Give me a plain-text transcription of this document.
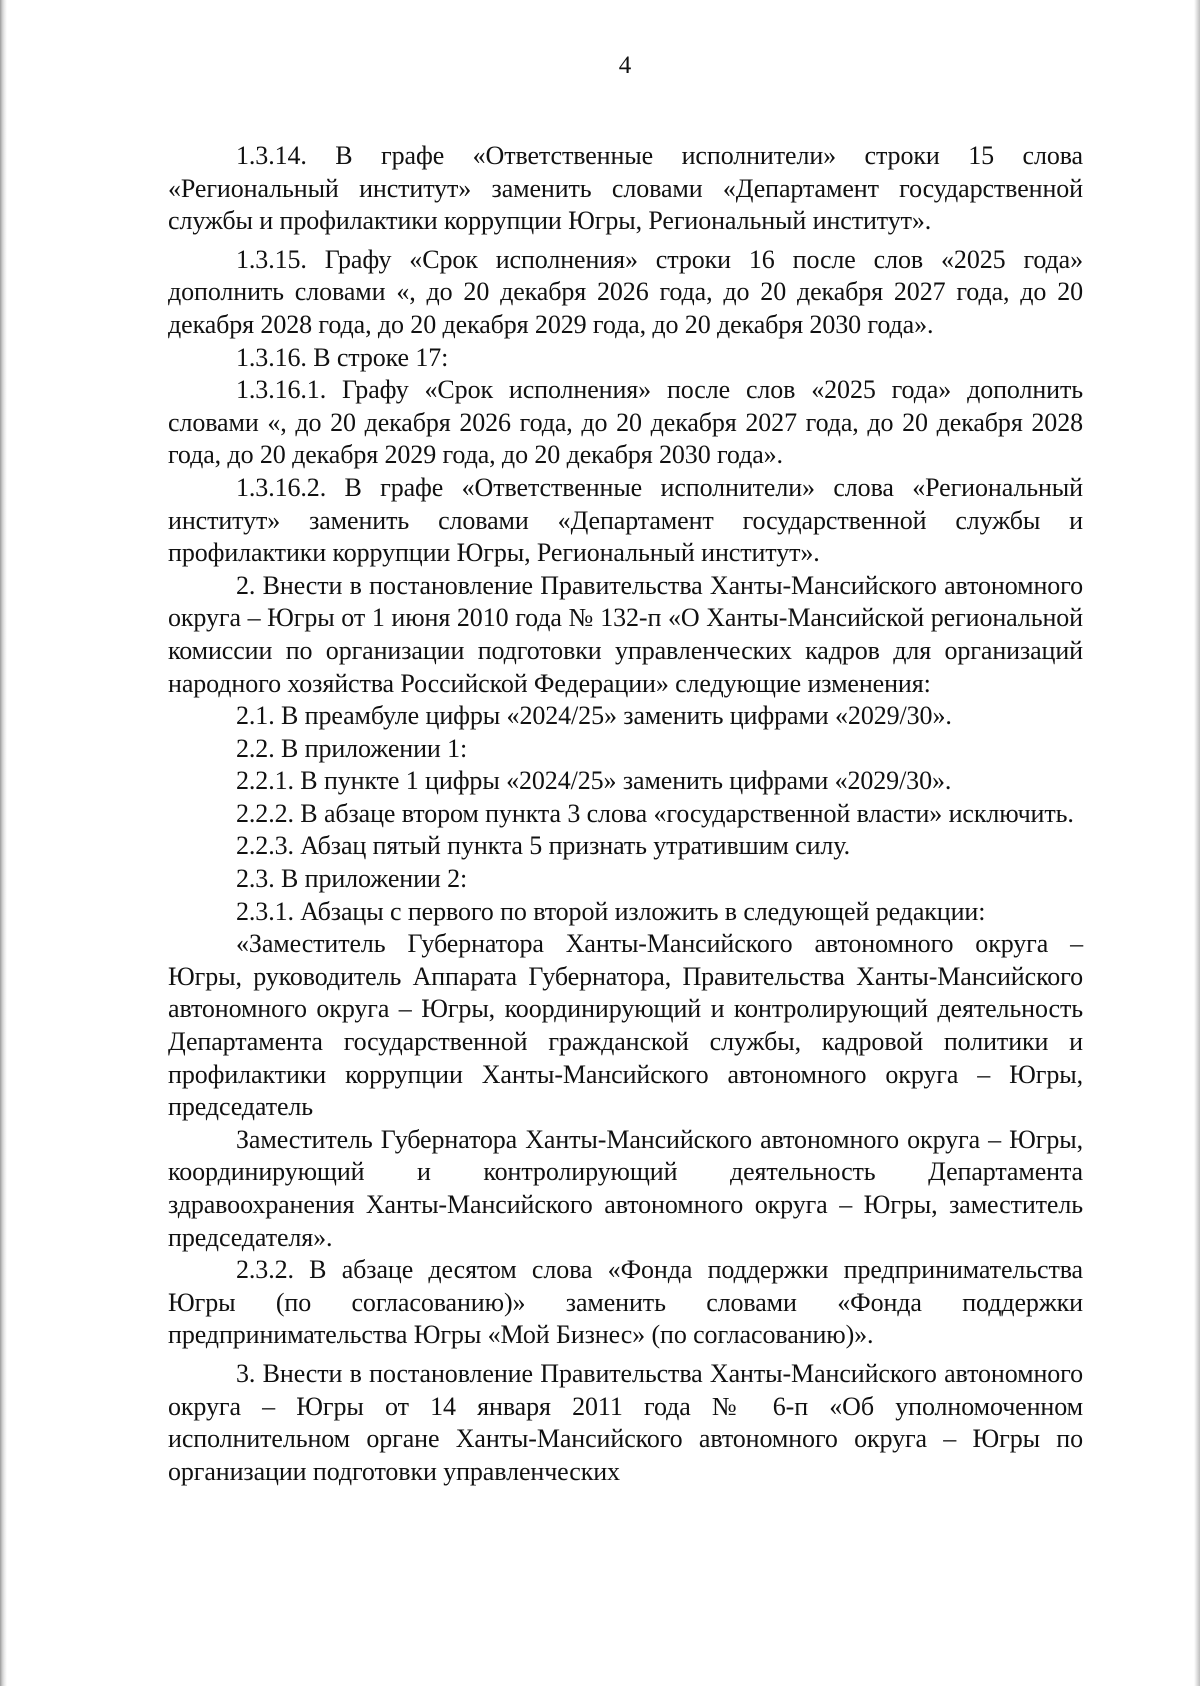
4

1.3.14. В графе «Ответственные исполнители» строки 15 слова «Региональный институт» заменить словами «Департамент государственной службы и профилактики коррупции Югры, Региональный институт».

1.3.15. Графу «Срок исполнения» строки 16 после слов «2025 года» дополнить словами «, до 20 декабря 2026 года, до 20 декабря 2027 года, до 20 декабря 2028 года, до 20 декабря 2029 года, до 20 декабря 2030 года».

1.3.16. В строке 17:

1.3.16.1. Графу «Срок исполнения» после слов «2025 года» дополнить словами «, до 20 декабря 2026 года, до 20 декабря 2027 года, до 20 декабря 2028 года, до 20 декабря 2029 года, до 20 декабря 2030 года».

1.3.16.2. В графе «Ответственные исполнители» слова «Региональный институт» заменить словами «Департамент государственной службы и профилактики коррупции Югры, Региональный институт».

2. Внести в постановление Правительства Ханты-Мансийского автономного округа – Югры от 1 июня 2010 года № 132-п «О Ханты-Мансийской региональной комиссии по организации подготовки управленческих кадров для организаций народного хозяйства Российской Федерации» следующие изменения:

2.1. В преамбуле цифры «2024/25» заменить цифрами «2029/30».

2.2. В приложении 1:

2.2.1. В пункте 1 цифры «2024/25» заменить цифрами «2029/30».

2.2.2. В абзаце втором пункта 3 слова «государственной власти» исключить.

2.2.3. Абзац пятый пункта 5 признать утратившим силу.

2.3. В приложении 2:

2.3.1. Абзацы с первого по второй изложить в следующей редакции:

«Заместитель Губернатора Ханты-Мансийского автономного округа – Югры, руководитель Аппарата Губернатора, Правительства Ханты-Мансийского автономного округа – Югры, координирующий и контролирующий деятельность Департамента государственной гражданской службы, кадровой политики и профилактики коррупции Ханты-Мансийского автономного округа – Югры, председатель

Заместитель Губернатора Ханты-Мансийского автономного округа – Югры, координирующий и контролирующий деятельность Департамента здравоохранения Ханты-Мансийского автономного округа – Югры, заместитель председателя».

2.3.2. В абзаце десятом слова «Фонда поддержки предпринимательства Югры (по согласованию)» заменить словами «Фонда поддержки предпринимательства Югры «Мой Бизнес» (по согласованию)».

3. Внести в постановление Правительства Ханты-Мансийского автономного округа – Югры от 14 января 2011 года № 6-п «Об уполномоченном исполнительном органе Ханты-Мансийского автономного округа – Югры по организации подготовки управленческих
